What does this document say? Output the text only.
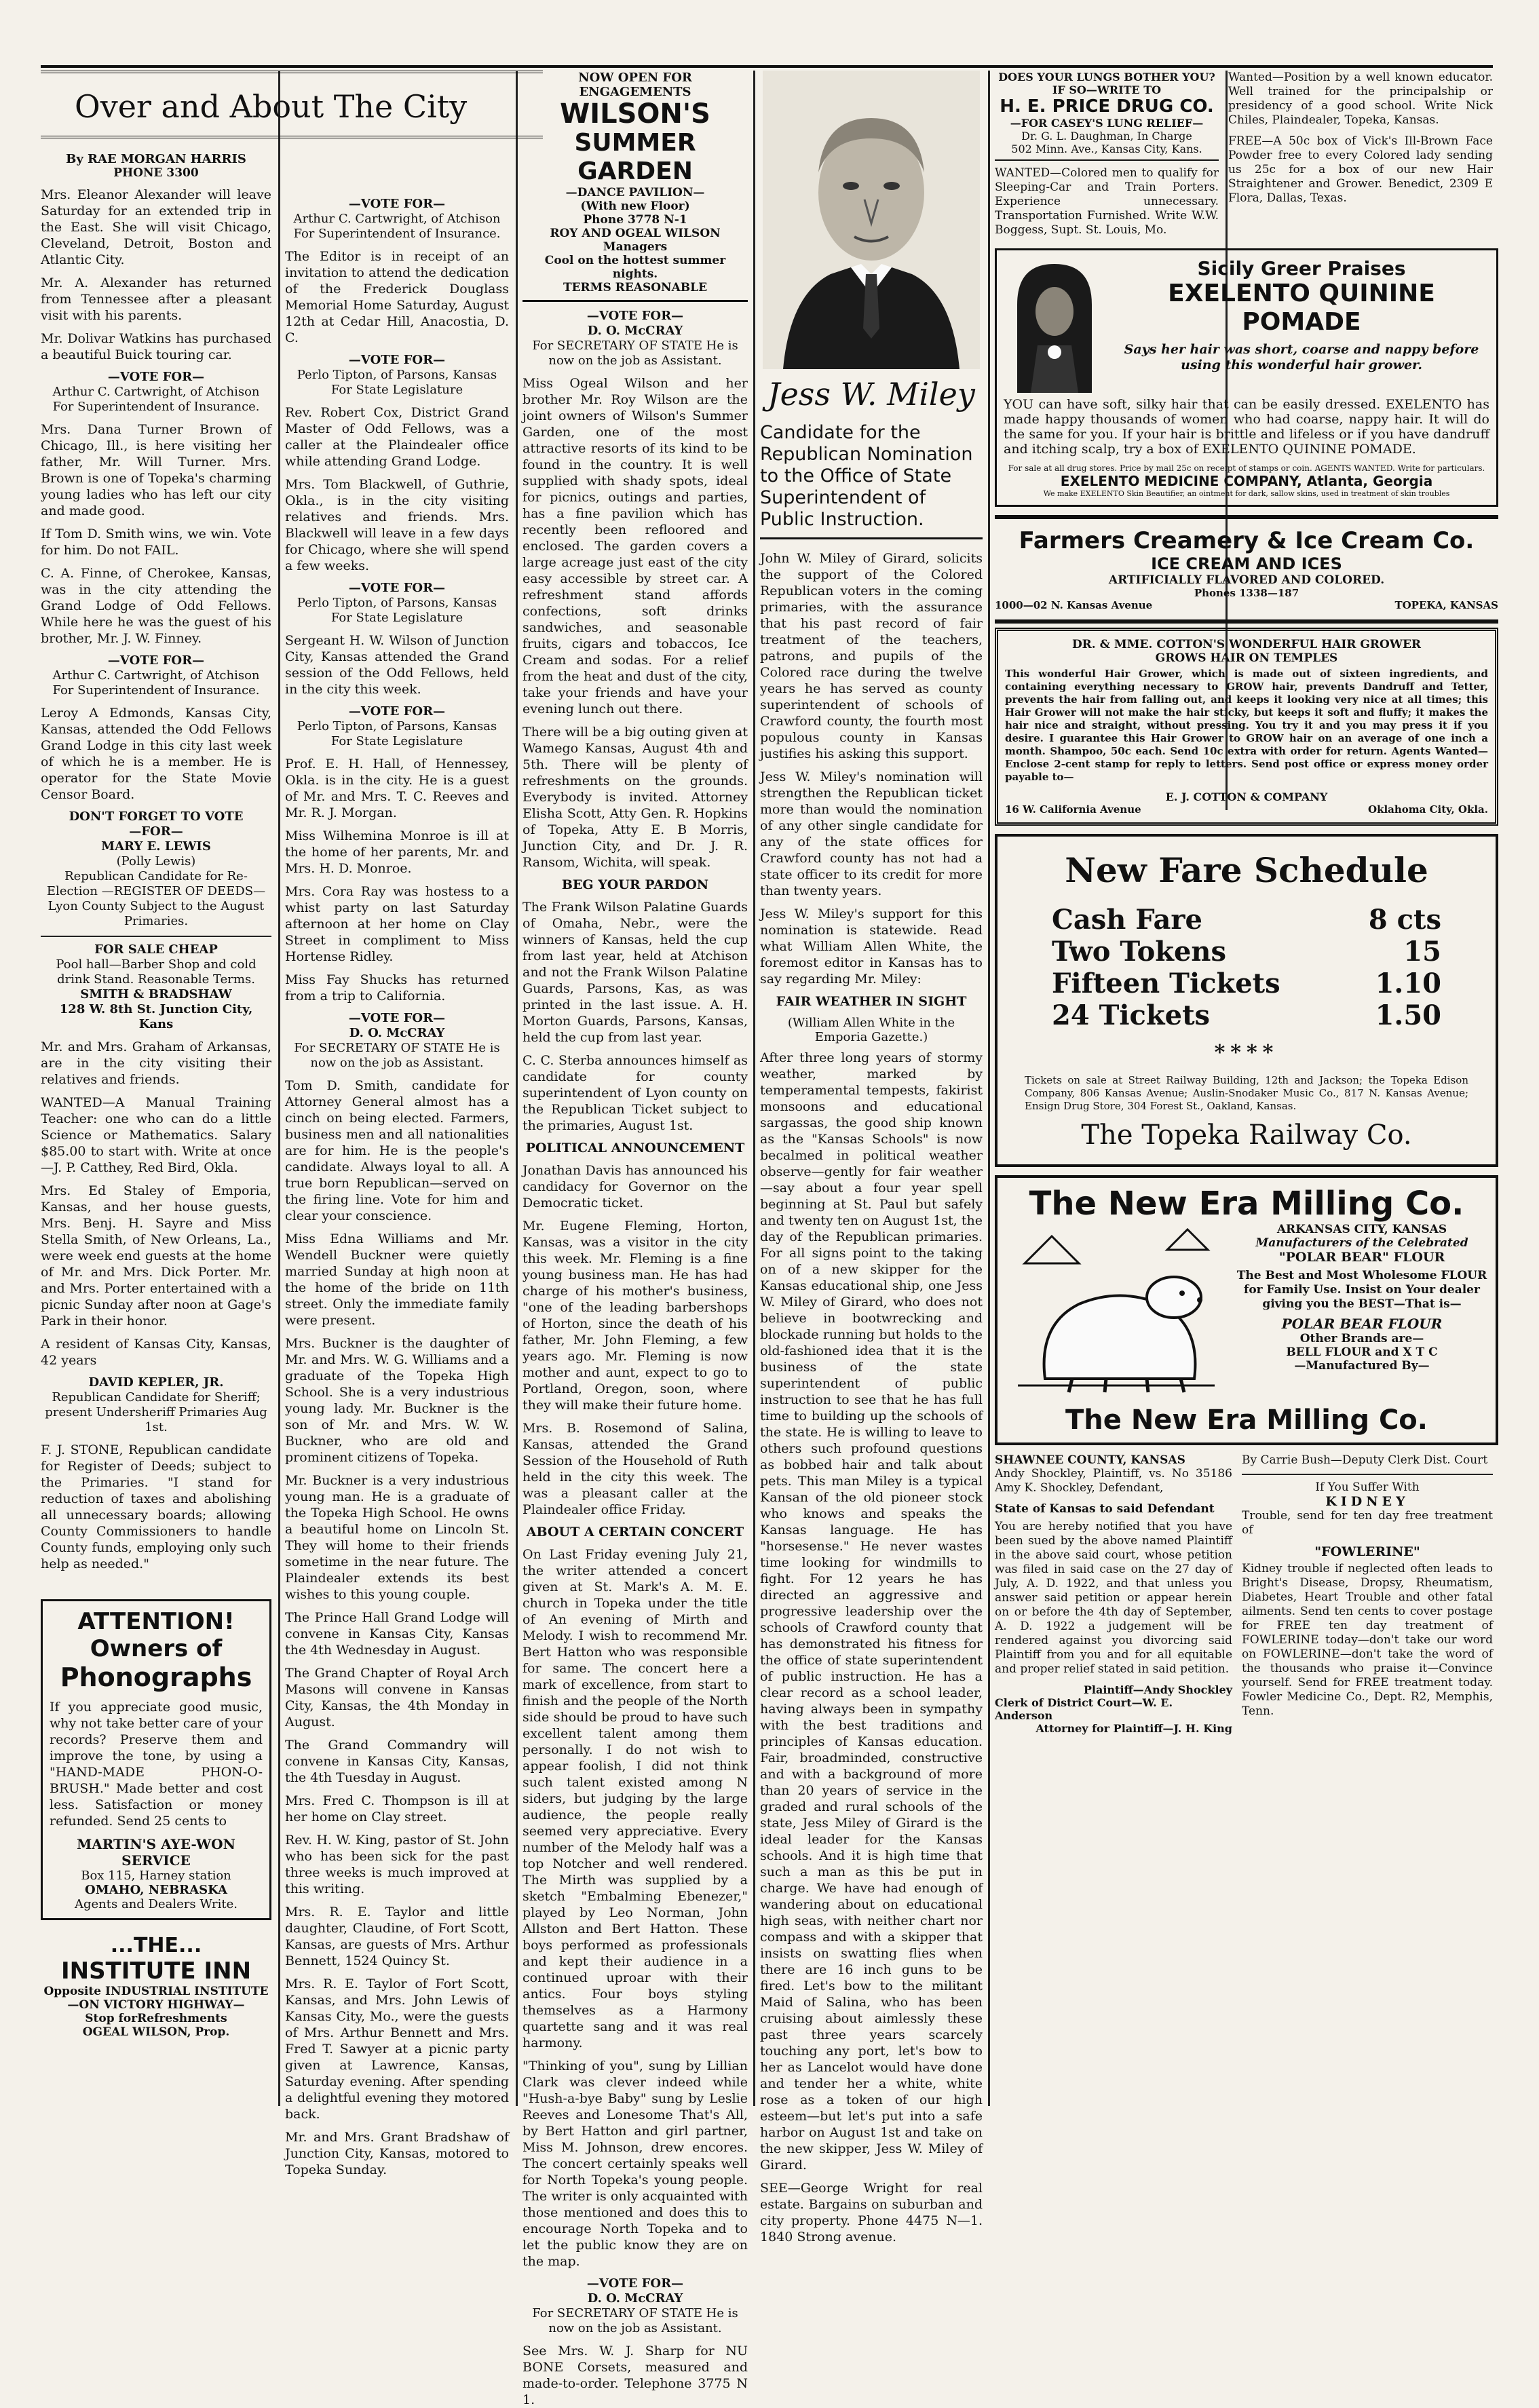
Over and About The City
By RAE MORGAN HARRIS
PHONE 3300

Mrs. Eleanor Alexander will leave Saturday for an extended trip in the East. She will visit Chicago, Cleveland, Detroit, Boston and Atlantic City.

Mr. A. Alexander has returned from Tennessee after a pleasant visit with his parents.

Mr. Dolivar Watkins has purchased a beautiful Buick touring car.

—VOTE FOR—
Arthur C. Cartwright, of Atchison For Superintendent of Insurance.

Mrs. Dana Turner Brown of Chicago, Ill., is here visiting her father, Mr. Will Turner. Mrs. Brown is one of Topeka's charming young ladies who has left our city and made good.

If Tom D. Smith wins, we win. Vote for him. Do not FAIL.

C. A. Finne, of Cherokee, Kansas, was in the city attending the Grand Lodge of Odd Fellows. While here he was the guest of his brother, Mr. J. W. Finney.

—VOTE FOR—
Arthur C. Cartwright, of Atchison For Superintendent of Insurance.

Leroy A Edmonds, Kansas City, Kansas, attended the Odd Fellows Grand Lodge in this city last week of which he is a member. He is operator for the State Movie Censor Board.

DON'T FORGET TO VOTE
—FOR—
MARY E. LEWIS
(Polly Lewis)
Republican Candidate for Re-Election —REGISTER OF DEEDS— Lyon County Subject to the August Primaries.
FOR SALE CHEAP
Pool hall—Barber Shop and cold drink Stand. Reasonable Terms.
SMITH & BRADSHAW
128 W. 8th St. Junction City, Kans

Mr. and Mrs. Graham of Arkansas, are in the city visiting their relatives and friends.

WANTED—A Manual Training Teacher: one who can do a little Science or Mathematics. Salary $85.00 to start with. Write at once—J. P. Catthey, Red Bird, Okla.

Mrs. Ed Staley of Emporia, Kansas, and her house guests, Mrs. Benj. H. Sayre and Miss Stella Smith, of New Orleans, La., were week end guests at the home of Mr. and Mrs. Dick Porter. Mr. and Mrs. Porter entertained with a picnic Sunday after noon at Gage's Park in their honor.

A resident of Kansas City, Kansas, 42 years

DAVID KEPLER, JR.
Republican Candidate for Sheriff; present Undersheriff Primaries Aug 1st.

F. J. STONE, Republican candidate for Register of Deeds; subject to the Primaries. "I stand for reduction of taxes and abolishing all unnecessary boards; allowing County Commissioners to handle County funds, employing only such help as needed."

ATTENTION!
Owners of
Phonographs

If you appreciate good music, why not take better care of your records? Preserve them and improve the tone, by using a "HAND-MADE PHON-O-BRUSH." Made better and cost less. Satisfaction or money refunded. Send 25 cents to

MARTIN'S AYE-WON SERVICE
Box 115, Harney station
OMAHO, NEBRASKA
Agents and Dealers Write.
...THE...
INSTITUTE INN
Opposite INDUSTRIAL INSTITUTE
—ON VICTORY HIGHWAY—
Stop forRefreshments
OGEAL WILSON, Prop.
—VOTE FOR—
Arthur C. Cartwright, of Atchison For Superintendent of Insurance.

The Editor is in receipt of an invitation to attend the dedication of the Frederick Douglass Memorial Home Saturday, August 12th at Cedar Hill, Anacostia, D. C.

—VOTE FOR—
Perlo Tipton, of Parsons, Kansas For State Legislature

Rev. Robert Cox, District Grand Master of Odd Fellows, was a caller at the Plaindealer office while attending Grand Lodge.

Mrs. Tom Blackwell, of Guthrie, Okla., is in the city visiting relatives and friends. Mrs. Blackwell will leave in a few days for Chicago, where she will spend a few weeks.

—VOTE FOR—
Perlo Tipton, of Parsons, Kansas For State Legislature

Sergeant H. W. Wilson of Junction City, Kansas attended the Grand session of the Odd Fellows, held in the city this week.

—VOTE FOR—
Perlo Tipton, of Parsons, Kansas For State Legislature

Prof. E. H. Hall, of Hennessey, Okla. is in the city. He is a guest of Mr. and Mrs. T. C. Reeves and Mr. R. J. Morgan.

Miss Wilhemina Monroe is ill at the home of her parents, Mr. and Mrs. H. D. Monroe.

Mrs. Cora Ray was hostess to a whist party on last Saturday afternoon at her home on Clay Street in compliment to Miss Hortense Ridley.

Miss Fay Shucks has returned from a trip to California.

—VOTE FOR—
D. O. McCRAY
For SECRETARY OF STATE He is now on the job as Assistant.

Tom D. Smith, candidate for Attorney General almost has a cinch on being elected. Farmers, business men and all nationalities are for him. He is the people's candidate. Always loyal to all. A true born Republican—served on the firing line. Vote for him and clear your conscience.

Miss Edna Williams and Mr. Wendell Buckner were quietly married Sunday at high noon at the home of the bride on 11th street. Only the immediate family were present.

Mrs. Buckner is the daughter of Mr. and Mrs. W. G. Williams and a graduate of the Topeka High School. She is a very industrious young lady. Mr. Buckner is the son of Mr. and Mrs. W. W. Buckner, who are old and prominent citizens of Topeka.

Mr. Buckner is a very industrious young man. He is a graduate of the Topeka High School. He owns a beautiful home on Lincoln St. They will home to their friends sometime in the near future. The Plaindealer extends its best wishes to this young couple.

The Prince Hall Grand Lodge will convene in Kansas City, Kansas the 4th Wednesday in August.

The Grand Chapter of Royal Arch Masons will convene in Kansas City, Kansas, the 4th Monday in August.

The Grand Commandry will convene in Kansas City, Kansas, the 4th Tuesday in August.

Mrs. Fred C. Thompson is ill at her home on Clay street.

Rev. H. W. King, pastor of St. John who has been sick for the past three weeks is much improved at this writing.

Mrs. R. E. Taylor and little daughter, Claudine, of Fort Scott, Kansas, are guests of Mrs. Arthur Bennett, 1524 Quincy St.

Mrs. R. E. Taylor of Fort Scott, Kansas, and Mrs. John Lewis of Kansas City, Mo., were the guests of Mrs. Arthur Bennett and Mrs. Fred T. Sawyer at a picnic party given at Lawrence, Kansas, Saturday evening. After spending a delightful evening they motored back.

Mr. and Mrs. Grant Bradshaw of Junction City, Kansas, motored to Topeka Sunday.

NOW OPEN FOR ENGAGEMENTS
WILSON'S
SUMMER GARDEN
—DANCE PAVILION—
(With new Floor)
Phone 3778 N-1
ROY AND OGEAL WILSON
Managers
Cool on the hottest summer nights.
TERMS REASONABLE
—VOTE FOR—
D. O. McCRAY
For SECRETARY OF STATE He is now on the job as Assistant.

Miss Ogeal Wilson and her brother Mr. Roy Wilson are the joint owners of Wilson's Summer Garden, one of the most attractive resorts of its kind to be found in the country. It is well supplied with shady spots, ideal for picnics, outings and parties, has a fine pavilion which has recently been refloored and enclosed. The garden covers a large acreage just east of the city easy accessible by street car. A refreshment stand affords confections, soft drinks sandwiches, and seasonable fruits, cigars and tobaccos, Ice Cream and sodas. For a relief from the heat and dust of the city, take your friends and have your evening lunch out there.

There will be a big outing given at Wamego Kansas, August 4th and 5th. There will be plenty of refreshments on the grounds. Everybody is invited. Attorney Elisha Scott, Atty Gen. R. Hopkins of Topeka, Atty E. B Morris, Junction City, and Dr. J. R. Ransom, Wichita, will speak.

BEG YOUR PARDON

The Frank Wilson Palatine Guards of Omaha, Nebr., were the winners of Kansas, held the cup from last year, held at Atchison and not the Frank Wilson Palatine Guards, Parsons, Kas, as was printed in the last issue. A. H. Morton Guards, Parsons, Kansas, held the cup from last year.

C. C. Sterba announces himself as candidate for county superintendent of Lyon county on the Republican Ticket subject to the primaries, August 1st.

POLITICAL ANNOUNCEMENT

Jonathan Davis has announced his candidacy for Governor on the Democratic ticket.

Mr. Eugene Fleming, Horton, Kansas, was a visitor in the city this week. Mr. Fleming is a fine young business man. He has had charge of his mother's business, "one of the leading barbershops of Horton, since the death of his father, Mr. John Fleming, a few years ago. Mr. Fleming is now mother and aunt, expect to go to Portland, Oregon, soon, where they will make their future home.

Mrs. B. Rosemond of Salina, Kansas, attended the Grand Session of the Household of Ruth held in the city this week. The was a pleasant caller at the Plaindealer office Friday.

ABOUT A CERTAIN CONCERT

On Last Friday evening July 21, the writer attended a concert given at St. Mark's A. M. E. church in Topeka under the title of An evening of Mirth and Melody. I wish to recommend Mr. Bert Hatton who was responsible for same. The concert here a mark of excellence, from start to finish and the people of the North side should be proud to have such excellent talent among them personally. I do not wish to appear foolish, I did not think such talent existed among N siders, but judging by the large audience, the people really seemed very appreciative. Every number of the Melody half was a top Notcher and well rendered. The Mirth was supplied by a sketch "Embalming Ebenezer," played by Leo Norman, John Allston and Bert Hatton. These boys performed as professionals and kept their audience in a continued uproar with their antics. Four boys styling themselves as a Harmony quartette sang and it was real harmony.

"Thinking of you", sung by Lillian Clark was clever indeed while "Hush-a-bye Baby" sung by Leslie Reeves and Lonesome That's All, by Bert Hatton and girl partner, Miss M. Johnson, drew encores. The concert certainly speaks well for North Topeka's young people. The writer is only acquainted with those mentioned and does this to encourage North Topeka and to let the public know they are on the map.

—VOTE FOR—
D. O. McCRAY
For SECRETARY OF STATE He is now on the job as Assistant.

See Mrs. W. J. Sharp for NU BONE Corsets, measured and made-to-order. Telephone 3775 N 1.

Jess W. Miley
Candidate for the Republican Nomination to the Office of State Superintendent of Public Instruction.

John W. Miley of Girard, solicits the support of the Colored Republican voters in the coming primaries, with the assurance that his past record of fair treatment of the teachers, patrons, and pupils of the Colored race during the twelve years he has served as county superintendent of schools of Crawford county, the fourth most populous county in Kansas justifies his asking this support.

Jess W. Miley's nomination will strengthen the Republican ticket more than would the nomination of any other single candidate for any of the state offices for Crawford county has not had a state officer to its credit for more than twenty years.

Jess W. Miley's support for this nomination is statewide. Read what William Allen White, the foremost editor in Kansas has to say regarding Mr. Miley:

FAIR WEATHER IN SIGHT
(William Allen White in the Emporia Gazette.)

After three long years of stormy weather, marked by temperamental tempests, fakirist monsoons and educational sargassas, the good ship known as the "Kansas Schools" is now becalmed in political weather observe—gently for fair weather—say about a four year spell beginning at St. Paul but safely and twenty ten on August 1st, the day of the Republican primaries. For all signs point to the taking on of a new skipper for the Kansas educational ship, one Jess W. Miley of Girard, who does not believe in bootwrecking and blockade running but holds to the old-fashioned idea that it is the business of the state superintendent of public instruction to see that he has full time to building up the schools of the state. He is willing to leave to others such profound questions as bobbed hair and talk about pets. This man Miley is a typical Kansan of the old pioneer stock who knows and speaks the Kansas language. He has "horsesense." He never wastes time looking for windmills to fight. For 12 years he has directed an aggressive and progressive leadership over the schools of Crawford county that has demonstrated his fitness for the office of state superintendent of public instruction. He has a clear record as a school leader, having always been in sympathy with the best traditions and principles of Kansas education. Fair, broadminded, constructive and with a background of more than 20 years of service in the graded and rural schools of the state, Jess Miley of Girard is the ideal leader for the Kansas schools. And it is high time that such a man as this be put in charge. We have had enough of wandering about on educational high seas, with neither chart nor compass and with a skipper that insists on swatting flies when there are 16 inch guns to be fired. Let's bow to the militant Maid of Salina, who has been cruising about aimlessly these past three years scarcely touching any port, let's bow to her as Lancelot would have done and tender her a white, white rose as a token of our high esteem—but let's put into a safe harbor on August 1st and take on the new skipper, Jess W. Miley of Girard.

SEE—George Wright for real estate. Bargains on suburban and city property. Phone 4475 N—1. 1840 Strong avenue.

DOES YOUR LUNGS BOTHER YOU? IF SO—WRITE TO
H. E. PRICE DRUG CO.
—FOR CASEY'S LUNG RELIEF—
Dr. G. L. Daughman, In Charge
502 Minn. Ave., Kansas City, Kans.

WANTED—Colored men to qualify for Sleeping-Car and Train Porters. Experience unnecessary. Transportation Furnished. Write W.W. Boggess, Supt. St. Louis, Mo.

Wanted—Position by a well known educator. Well trained for the principalship or presidency of a good school. Write Nick Chiles, Plaindealer, Topeka, Kansas.

FREE—A 50c box of Vick's Ill-Brown Face Powder free to every Colored lady sending us 25c for a box of our new Hair Straightener and Grower. Benedict, 2309 E Flora, Dallas, Texas.

Sicily Greer Praises
EXELENTO QUININE
POMADE
Says her hair was short, coarse and nappy before using this wonderful hair grower.

YOU can have soft, silky hair that can be easily dressed. EXELENTO has made happy thousands of women who had coarse, nappy hair. It will do the same for you. If your hair is brittle and lifeless or if you have dandruff and itching scalp, try a box of EXELENTO QUININE POMADE.

For sale at all drug stores. Price by mail 25c on receipt of stamps or coin. AGENTS WANTED. Write for particulars.
EXELENTO MEDICINE COMPANY, Atlanta, Georgia
We make EXELENTO Skin Beautifier, an ointment for dark, sallow skins, used in treatment of skin troubles
Farmers Creamery & Ice Cream Co.
ICE CREAM AND ICES
ARTIFICIALLY FLAVORED AND COLORED.
Phones 1338—187
1000—02 N. Kansas Avenue	TOPEKA, KANSAS
DR. & MME. COTTON'S WONDERFUL HAIR GROWER
GROWS HAIR ON TEMPLES

This wonderful Hair Grower, which is made out of sixteen ingredients, and containing everything necessary to GROW hair, prevents Dandruff and Tetter, prevents the hair from falling out, and keeps it looking very nice at all times; this Hair Grower will not make the hair sticky, but keeps it soft and fluffy; it makes the hair nice and straight, without pressing. You try it and you may press it if you desire. I guarantee this Hair Grower to GROW hair on an average of one inch a month. Shampoo, 50c each. Send 10c extra with order for return. Agents Wanted—Enclose 2-cent stamp for reply to letters. Send post office or express money order payable to—

E. J. COTTON & COMPANY
16 W. California Avenue	Oklahoma City, Okla.
New Fare Schedule
Cash Fare	8 cts
Two Tokens	15
Fifteen Tickets	1.10
24 Tickets	1.50
****

Tickets on sale at Street Railway Building, 12th and Jackson; the Topeka Edison Company, 806 Kansas Avenue; Auslin-Snodaker Music Co., 817 N. Kansas Avenue; Ensign Drug Store, 304 Forest St., Oakland, Kansas.

The Topeka Railway Co.
The New Era Milling Co.
ARKANSAS CITY, KANSAS
Manufacturers of the Celebrated
"POLAR BEAR" FLOUR
The Best and Most Wholesome FLOUR for Family Use. Insist on Your dealer giving you the BEST—That is—
POLAR BEAR FLOUR
Other Brands are—
BELL FLOUR and X T C
—Manufactured By—
The New Era Milling Co.
SHAWNEE COUNTY, KANSAS

Andy Shockley, Plaintiff, vs. No 35186 Amy K. Shockley, Defendant,

State of Kansas to said Defendant

You are hereby notified that you have been sued by the above named Plaintiff in the above said court, whose petition was filed in said case on the 27 day of July, A. D. 1922, and that unless you answer said petition or appear herein on or before the 4th day of September, A. D. 1922 a judgement will be rendered against you divorcing said Plaintiff from you and for all equitable and proper relief stated in said petition.

Plaintiff—Andy Shockley
Clerk of District Court—W. E. Anderson
Attorney for Plaintiff—J. H. King
By Carrie Bush—Deputy Clerk Dist. Court
If You Suffer With
KIDNEY

Trouble, send for ten day free treatment of

"FOWLERINE"

Kidney trouble if neglected often leads to Bright's Disease, Dropsy, Rheumatism, Diabetes, Heart Trouble and other fatal ailments. Send ten cents to cover postage for FREE ten day treatment of FOWLERINE today—don't take our word on FOWLERINE—don't take the word of the thousands who praise it—Convince yourself. Send for FREE treatment today. Fowler Medicine Co., Dept. R2, Memphis, Tenn.
